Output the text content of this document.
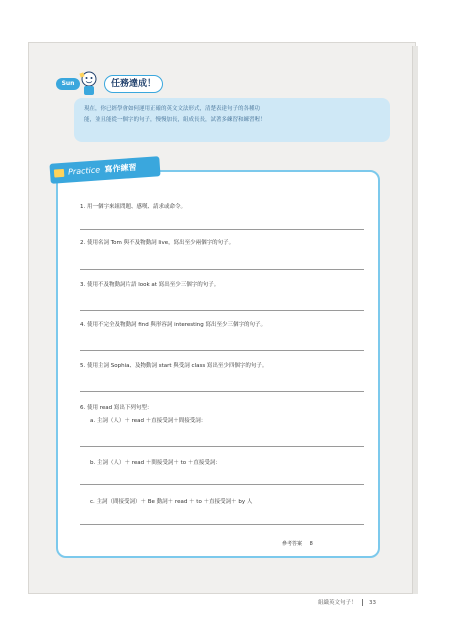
Sun	任務達成！
現在，你已經學會如何運用正確的英文文法形式，清楚表達句子的各種功
能，並且能從一個字的句子，慢慢加長，組成長長，試著多練習和練習喔！
Practice 寫作練習
1. 用一個字來組問題、感嘆、請求或命令。
2. 使用名詞 Tom 與不及物動詞 live，寫出至少兩個字的句子。
3. 使用不及物動詞片語 look at 寫出至少三個字的句子。
4. 使用不完全及物動詞 find 與形容詞 interesting 寫出至少三個字的句子。
5. 使用主詞 Sophia、及物動詞 start 與受詞 class 寫出至少四個字的句子。
6. 使用 read 寫出下列句型：
a. 主詞（人）＋ read ＋直接受詞＋間接受詞：
b. 主詞（人）＋ read ＋間接受詞＋ to ＋直接受詞：
c. 主詞（間接受詞）＋ Be 動詞＋ read ＋ to ＋直接受詞＋ by 人
參考答案 8
組織英文句子！ 33
